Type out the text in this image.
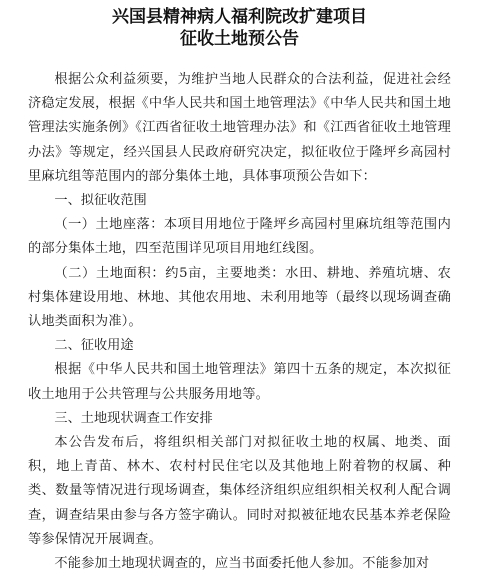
兴国县精神病人福利院改扩建项目

征收土地预公告

根据公众利益须要，为维护当地人民群众的合法利益，促进社会经济稳定发展，根据《中华人民共和国土地管理法》《中华人民共和国土地管理法实施条例》《江西省征收土地管理办法》和《江西省征收土地管理办法》等规定，经兴国县人民政府研究决定，拟征收位于隆坪乡高园村里麻坑组等范围内的部分集体土地，具体事项预公告如下：

一、拟征收范围

（一）土地座落：本项目用地位于隆坪乡高园村里麻坑组等范围内的部分集体土地，四至范围详见项目用地红线图。

（二）土地面积：约5亩，主要地类：水田、耕地、养殖坑塘、农村集体建设用地、林地、其他农用地、未利用地等（最终以现场调查确认地类面积为准）。

二、征收用途

根据《中华人民共和国土地管理法》第四十五条的规定，本次拟征收土地用于公共管理与公共服务用地等。

三、土地现状调查工作安排

本公告发布后，将组织相关部门对拟征收土地的权属、地类、面积，地上青苗、林木、农村村民住宅以及其他地上附着物的权属、种类、数量等情况进行现场调查，集体经济组织应组织相关权利人配合调查，调查结果由参与各方签字确认。同时对拟被征地农民基本养老保险等参保情况开展调查。

不能参加土地现状调查的，应当书面委托他人参加。不能参加对
